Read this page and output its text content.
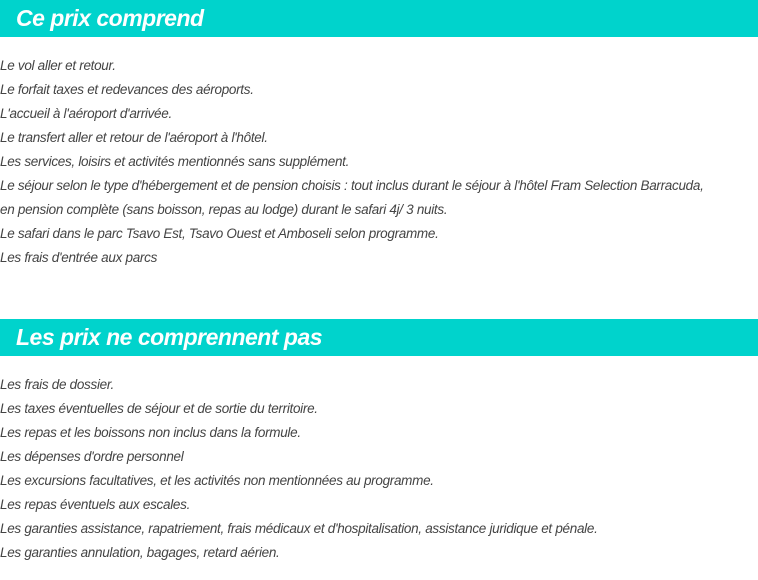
Ce prix comprend
Le vol aller et retour.
Le forfait taxes et redevances des aéroports.
L'accueil à l'aéroport d'arrivée.
Le transfert aller et retour de l'aéroport à l'hôtel.
Les services, loisirs et activités mentionnés sans supplément.
Le séjour selon le type d'hébergement et de pension choisis : tout inclus durant le séjour à l'hôtel Fram Selection Barracuda, en pension complète (sans boisson, repas au lodge) durant le safari 4j/ 3 nuits.
Le safari dans le parc Tsavo Est, Tsavo Ouest et Amboseli selon programme.
Les frais d'entrée aux parcs
Les prix ne comprennent pas
Les frais de dossier.
Les taxes éventuelles de séjour et de sortie du territoire.
Les repas et les boissons non inclus dans la formule.
Les dépenses d'ordre personnel
Les excursions facultatives, et les activités non mentionnées au programme.
Les repas éventuels aux escales.
Les garanties assistance, rapatriement, frais médicaux et d'hospitalisation, assistance juridique et pénale.
Les garanties annulation, bagages, retard aérien.
